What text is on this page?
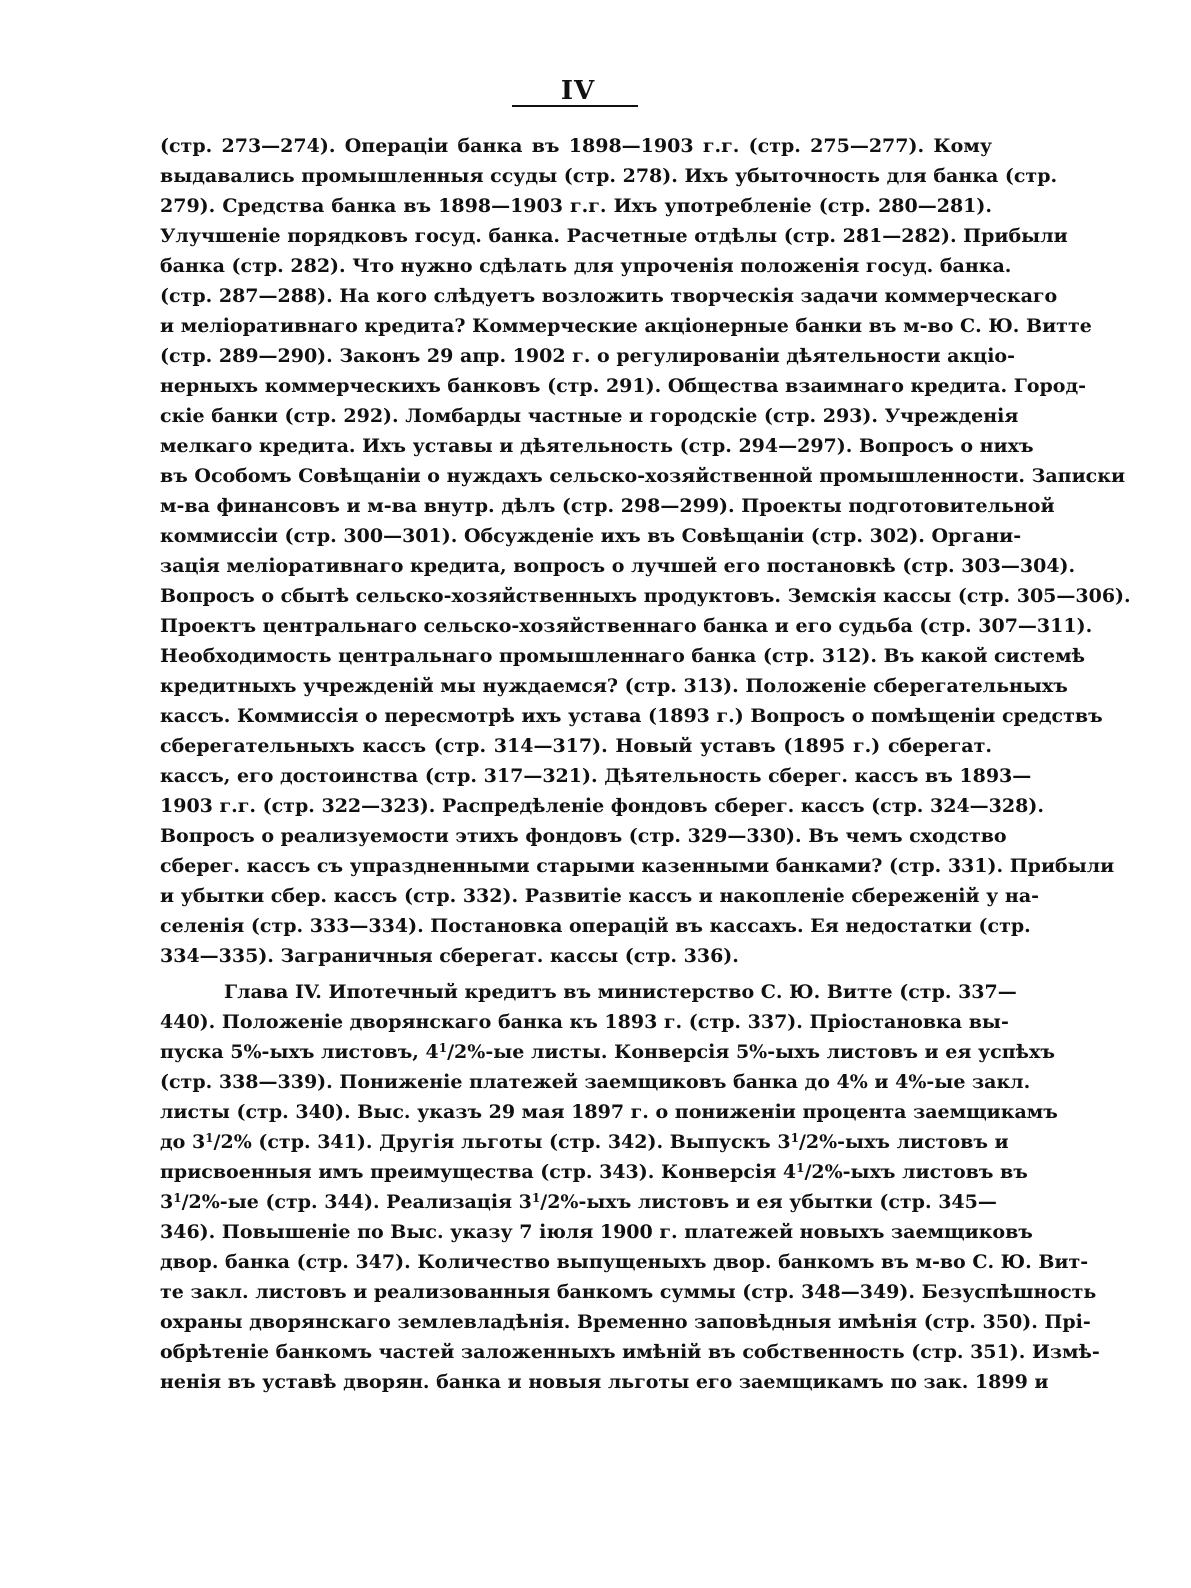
IV
(стр. 273—274). Операціи банка въ 1898—1903 г.г. (стр. 275—277). Кому
выдавались промышленныя ссуды (стр. 278). Ихъ убыточность для банка (стр.
279). Средства банка въ 1898—1903 г.г. Ихъ употребленіе (стр. 280—281).
Улучшеніе порядковъ госуд. банка. Расчетные отдѣлы (стр. 281—282). Прибыли
банка (стр. 282). Что нужно сдѣлать для упроченія положенія госуд. банка.
(стр. 287—288). На кого слѣдуетъ возложить творческія задачи коммерческаго
и меліоративнаго кредита? Коммерческие акціонерные банки въ м-во С. Ю. Витте
(стр. 289—290). Законъ 29 апр. 1902 г. о регулированіи дѣятельности акціо-
нерныхъ коммерческихъ банковъ (стр. 291). Общества взаимнаго кредита. Город-
скіе банки (стр. 292). Ломбарды частные и городскіе (стр. 293). Учрежденія
мелкаго кредита. Ихъ уставы и дѣятельность (стр. 294—297). Вопросъ о нихъ
въ Особомъ Совѣщаніи о нуждахъ сельско-хозяйственной промышленности. Записки
м-ва финансовъ и м-ва внутр. дѣлъ (стр. 298—299). Проекты подготовительной
коммиссіи (стр. 300—301). Обсужденіе ихъ въ Совѣщаніи (стр. 302). Органи-
зація меліоративнаго кредита, вопросъ о лучшей его постановкѣ (стр. 303—304).
Вопросъ о сбытѣ сельско-хозяйственныхъ продуктовъ. Земскія кассы (стр. 305—306).
Проектъ центральнаго сельско-хозяйственнаго банка и его судьба (стр. 307—311).
Необходимость центральнаго промышленнаго банка (стр. 312). Въ какой системѣ
кредитныхъ учрежденій мы нуждаемся? (стр. 313). Положеніе сберегательныхъ
кассъ. Коммиссія о пересмотрѣ ихъ устава (1893 г.) Вопросъ о помѣщеніи средствъ
сберегательныхъ кассъ (стр. 314—317). Новый уставъ (1895 г.) сберегат.
кассъ, его достоинства (стр. 317—321). Дѣятельность сберег. кассъ въ 1893—
1903 г.г. (стр. 322—323). Распредѣленіе фондовъ сберег. кассъ (стр. 324—328).
Вопросъ о реализуемости этихъ фондовъ (стр. 329—330). Въ чемъ сходство
сберег. кассъ съ упраздненными старыми казенными банками? (стр. 331). Прибыли
и убытки сбер. кассъ (стр. 332). Развитіе кассъ и накопленіе сбереженій у на-
селенія (стр. 333—334). Постановка операцій въ кассахъ. Ея недостатки (стр.
334—335). Заграничныя сберегат. кассы (стр. 336).
Глава IV. Ипотечный кредитъ въ министерство С. Ю. Витте (стр. 337—
440). Положеніе дворянскаго банка къ 1893 г. (стр. 337). Пріостановка вы-
пуска 5%-ыхъ листовъ, $4^1/2\%-ые$ листы. Конверсія 5%-ыхъ листовъ и ея успѣхъ
(стр. 338—339). Пониженіе платежей заемщиковъ банка до 4% и 4%-ые закл.
листы (стр. 340). Выс. указъ 29 мая 1897 г. о пониженіи процента заемщикамъ
до $3^1/2\%$ (стр. 341). Другія льготы (стр. 342). Выпускъ $3^1/2\%$-ыхъ листовъ и
присвоенныя имъ преимущества (стр. 343). Конверсія $4^1/2\%$-ыхъ листовъ въ
$3^1/2\%-ые$ (стр. 344). Реализація $3^1/2\%$-ыхъ листовъ и ея убытки (стр. 345—
346). Повышеніе по Выс. указу 7 іюля 1900 г. платежей новыхъ заемщиковъ
двор. банка (стр. 347). Количество выпущеныхъ двор. банкомъ въ м-во С. Ю. Вит-
те закл. листовъ и реализованныя банкомъ суммы (стр. 348—349). Безуспѣшность
охраны дворянскаго землевладѣнія. Временно заповѣдныя имѣнія (стр. 350). Прі-
обрѣтеніе банкомъ частей заложенныхъ имѣній въ собственность (стр. 351). Измѣ-
ненія въ уставѣ дворян. банка и новыя льготы его заемщикамъ по зак. 1899 и
